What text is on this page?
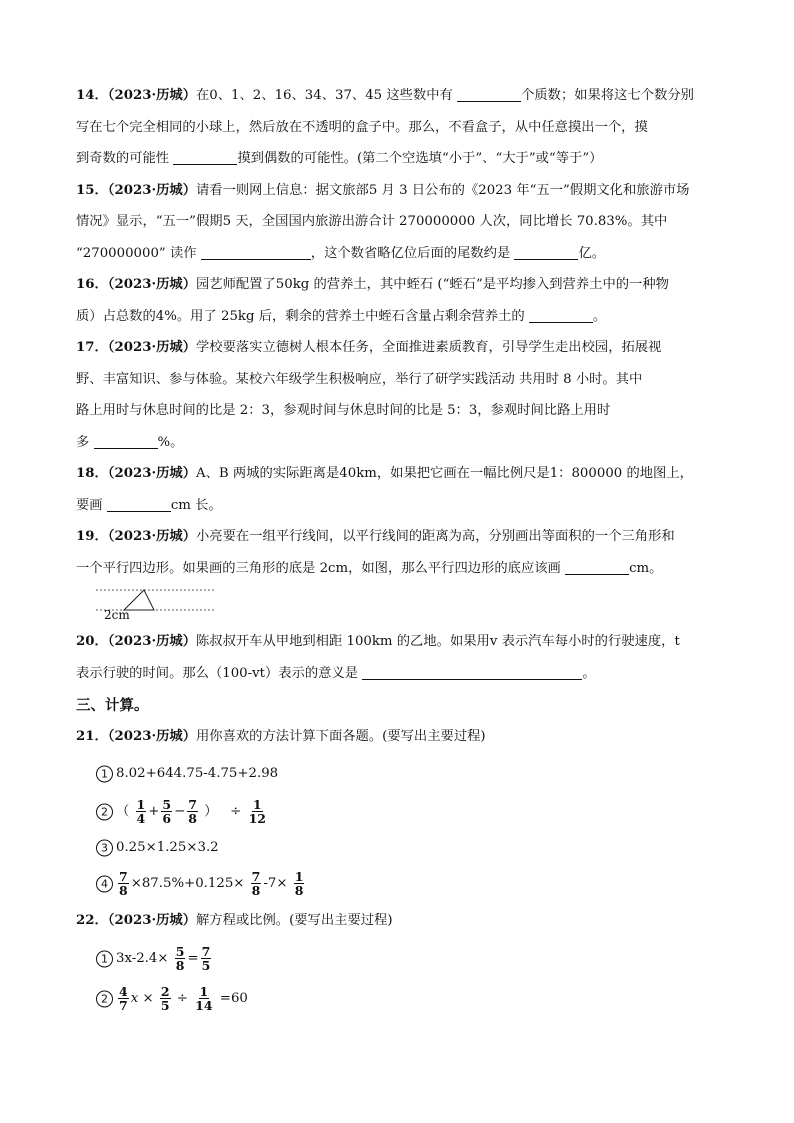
14．（2023·历城）在0、1、2、16、34、37、45 这些数中有	个质数；如果将这七个数分别
写在七个完全相同的小球上，然后放在不透明的盒子中。那么，不看盒子，从中任意摸出一个，摸
到奇数的可能性	摸到偶数的可能性。(第二个空选填“小于”、“大于”或“等于”）

15．（2023·历城）请看一则网上信息：据文旅部5 月 3 日公布的《2023 年“五一”假期文化和旅游市场
情况》显示，“五一”假期5 天，全国国内旅游出游合计 270000000 人次，同比增长 70.83%。其中
“270000000” 读作	，这个数省略亿位后面的尾数约是	亿。

16．（2023·历城）园艺师配置了50kg 的营养土，其中蛭石 (“蛭石”是平均掺入到营养土中的一种物
质）占总数的4%。用了 25kg 后，剩余的营养土中蛭石含量占剩余营养土的	。

17．（2023·历城）学校要落实立德树人根本任务，全面推进素质教育，引导学生走出校园，拓展视
野、丰富知识、参与体验。某校六年级学生积极响应，举行了研学实践活动 共用时 8 小时。其中
路上用时与休息时间的比是 2：3，参观时间与休息时间的比是 5：3，参观时间比路上用时
多	%。

18．（2023·历城）A、B 两城的实际距离是40km，如果把它画在一幅比例尺是1：800000 的地图上，
要画	cm 长。

19．（2023·历城）小亮要在一组平行线间，以平行线间的距离为高，分别画出等面积的一个三角形和
一个平行四边形。如果画的三角形的底是 2cm，如图，那么平行四边形的底应该画	cm。

2cm

20．（2023·历城）陈叔叔开车从甲地到相距 100km 的乙地。如果用v 表示汽车每小时的行驶速度，t
表示行驶的时间。那么（100-vt）表示的意义是	。

三、计算。

21．（2023·历城）用你喜欢的方法计算下面各题。(要写出主要过程)

1 8.02+644.75-4.75+2.98
2 （ $\frac{1}{4} + \frac{5}{6} - \frac{7}{8}$ ） ÷ $\frac{1}{12}$
3 0.25×1.25×3.2
$4 \frac{7}{8} \times 87.5\%+0.125\times \frac{7}{8} -7\times \frac{1}{8}$

22．（2023·历城）解方程或比例。(要写出主要过程)

1 $3x-2.4\times \frac{5}{8} = \frac{7}{5}$
$2 \frac{4}{7}$ $x \times \frac{2}{5} \div \frac{1}{14} =60$
